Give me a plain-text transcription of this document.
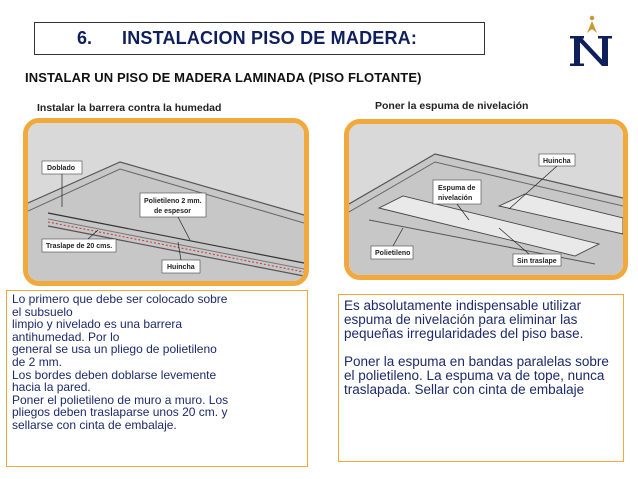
6. INSTALACION PISO DE MADERA:
INSTALAR UN PISO DE MADERA LAMINADA (PISO FLOTANTE)
Instalar la barrera contra la humedad	Poner la espuma de nivelación
Doblado
Polietileno 2 mm.
de espesor
Traslape de 20 cms.
Huincha
Huincha
Espuma de
nivelación
Polietileno
Sin traslape

Lo primero que debe ser colocado sobre

el subsuelo

limpio y nivelado es una barrera

antihumedad. Por lo

general se usa un pliego de polietileno

de 2 mm.

Los bordes deben doblarse levemente

hacia la pared.

Poner el polietileno de muro a muro. Los

pliegos deben traslaparse unos 20 cm. y

sellarse con cinta de embalaje.

Es absolutamente indispensable utilizar espuma de nivelación para eliminar las pequeñas irregularidades del piso base.

Poner la espuma en bandas paralelas sobre el polietileno. La espuma va de tope, nunca traslapada. Sellar con cinta de embalaje
